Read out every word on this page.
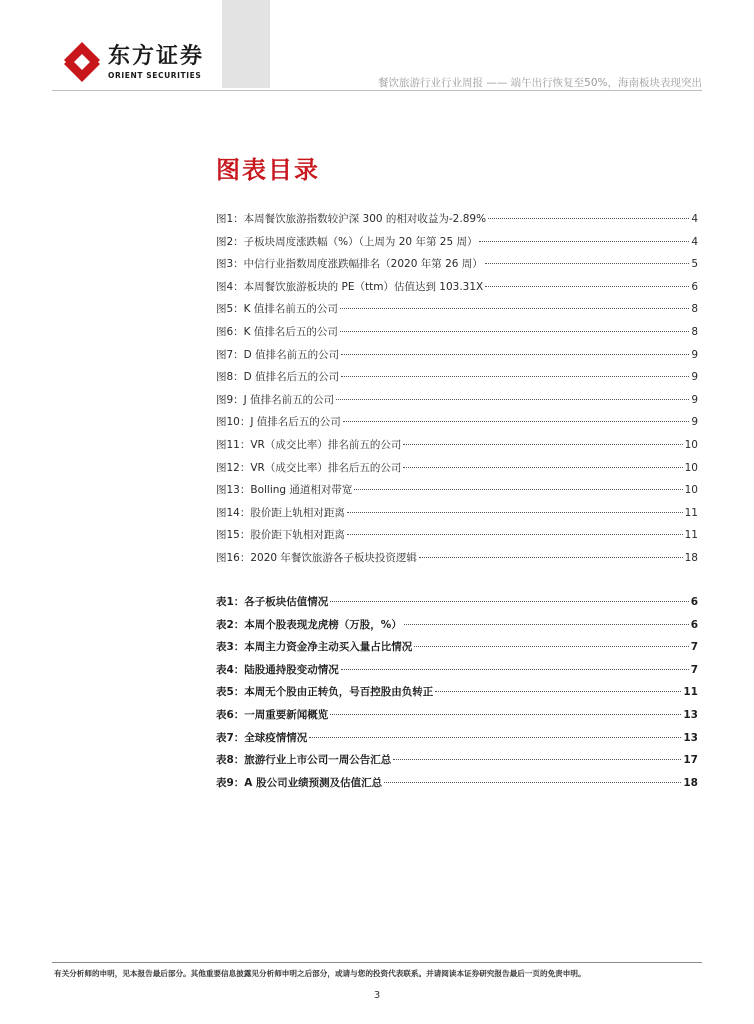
东方证券
ORIENT SECURITIES
餐饮旅游行业行业周报 —— 端午出行恢复至50%，海南板块表现突出
图表目录
图1：本周餐饮旅游指数较沪深 300 的相对收益为-2.89%	4
图2：子板块周度涨跌幅（%）（上周为 20 年第 25 周）	4
图3：中信行业指数周度涨跌幅排名（2020 年第 26 周）	5
图4：本周餐饮旅游板块的 PE（ttm）估值达到 103.31X	6
图5：K 值排名前五的公司	8
图6：K 值排名后五的公司	8
图7：D 值排名前五的公司	9
图8：D 值排名后五的公司	9
图9：J 值排名前五的公司	9
图10：J 值排名后五的公司	9
图11：VR（成交比率）排名前五的公司	10
图12：VR（成交比率）排名后五的公司	10
图13：Bolling 通道相对带宽	10
图14：股价距上轨相对距离	11
图15：股价距下轨相对距离	11
图16：2020 年餐饮旅游各子板块投资逻辑	18
表1：各子板块估值情况	6
表2：本周个股表现龙虎榜（万股，%）	6
表3：本周主力资金净主动买入量占比情况	7
表4：陆股通持股变动情况	7
表5：本周无个股由正转负，号百控股由负转正	11
表6：一周重要新闻概览	13
表7：全球疫情情况	13
表8：旅游行业上市公司一周公告汇总	17
表9：A 股公司业绩预测及估值汇总	18
有关分析师的申明，见本报告最后部分。其他重要信息披露见分析师申明之后部分，或请与您的投资代表联系。并请阅读本证券研究报告最后一页的免责申明。
3
